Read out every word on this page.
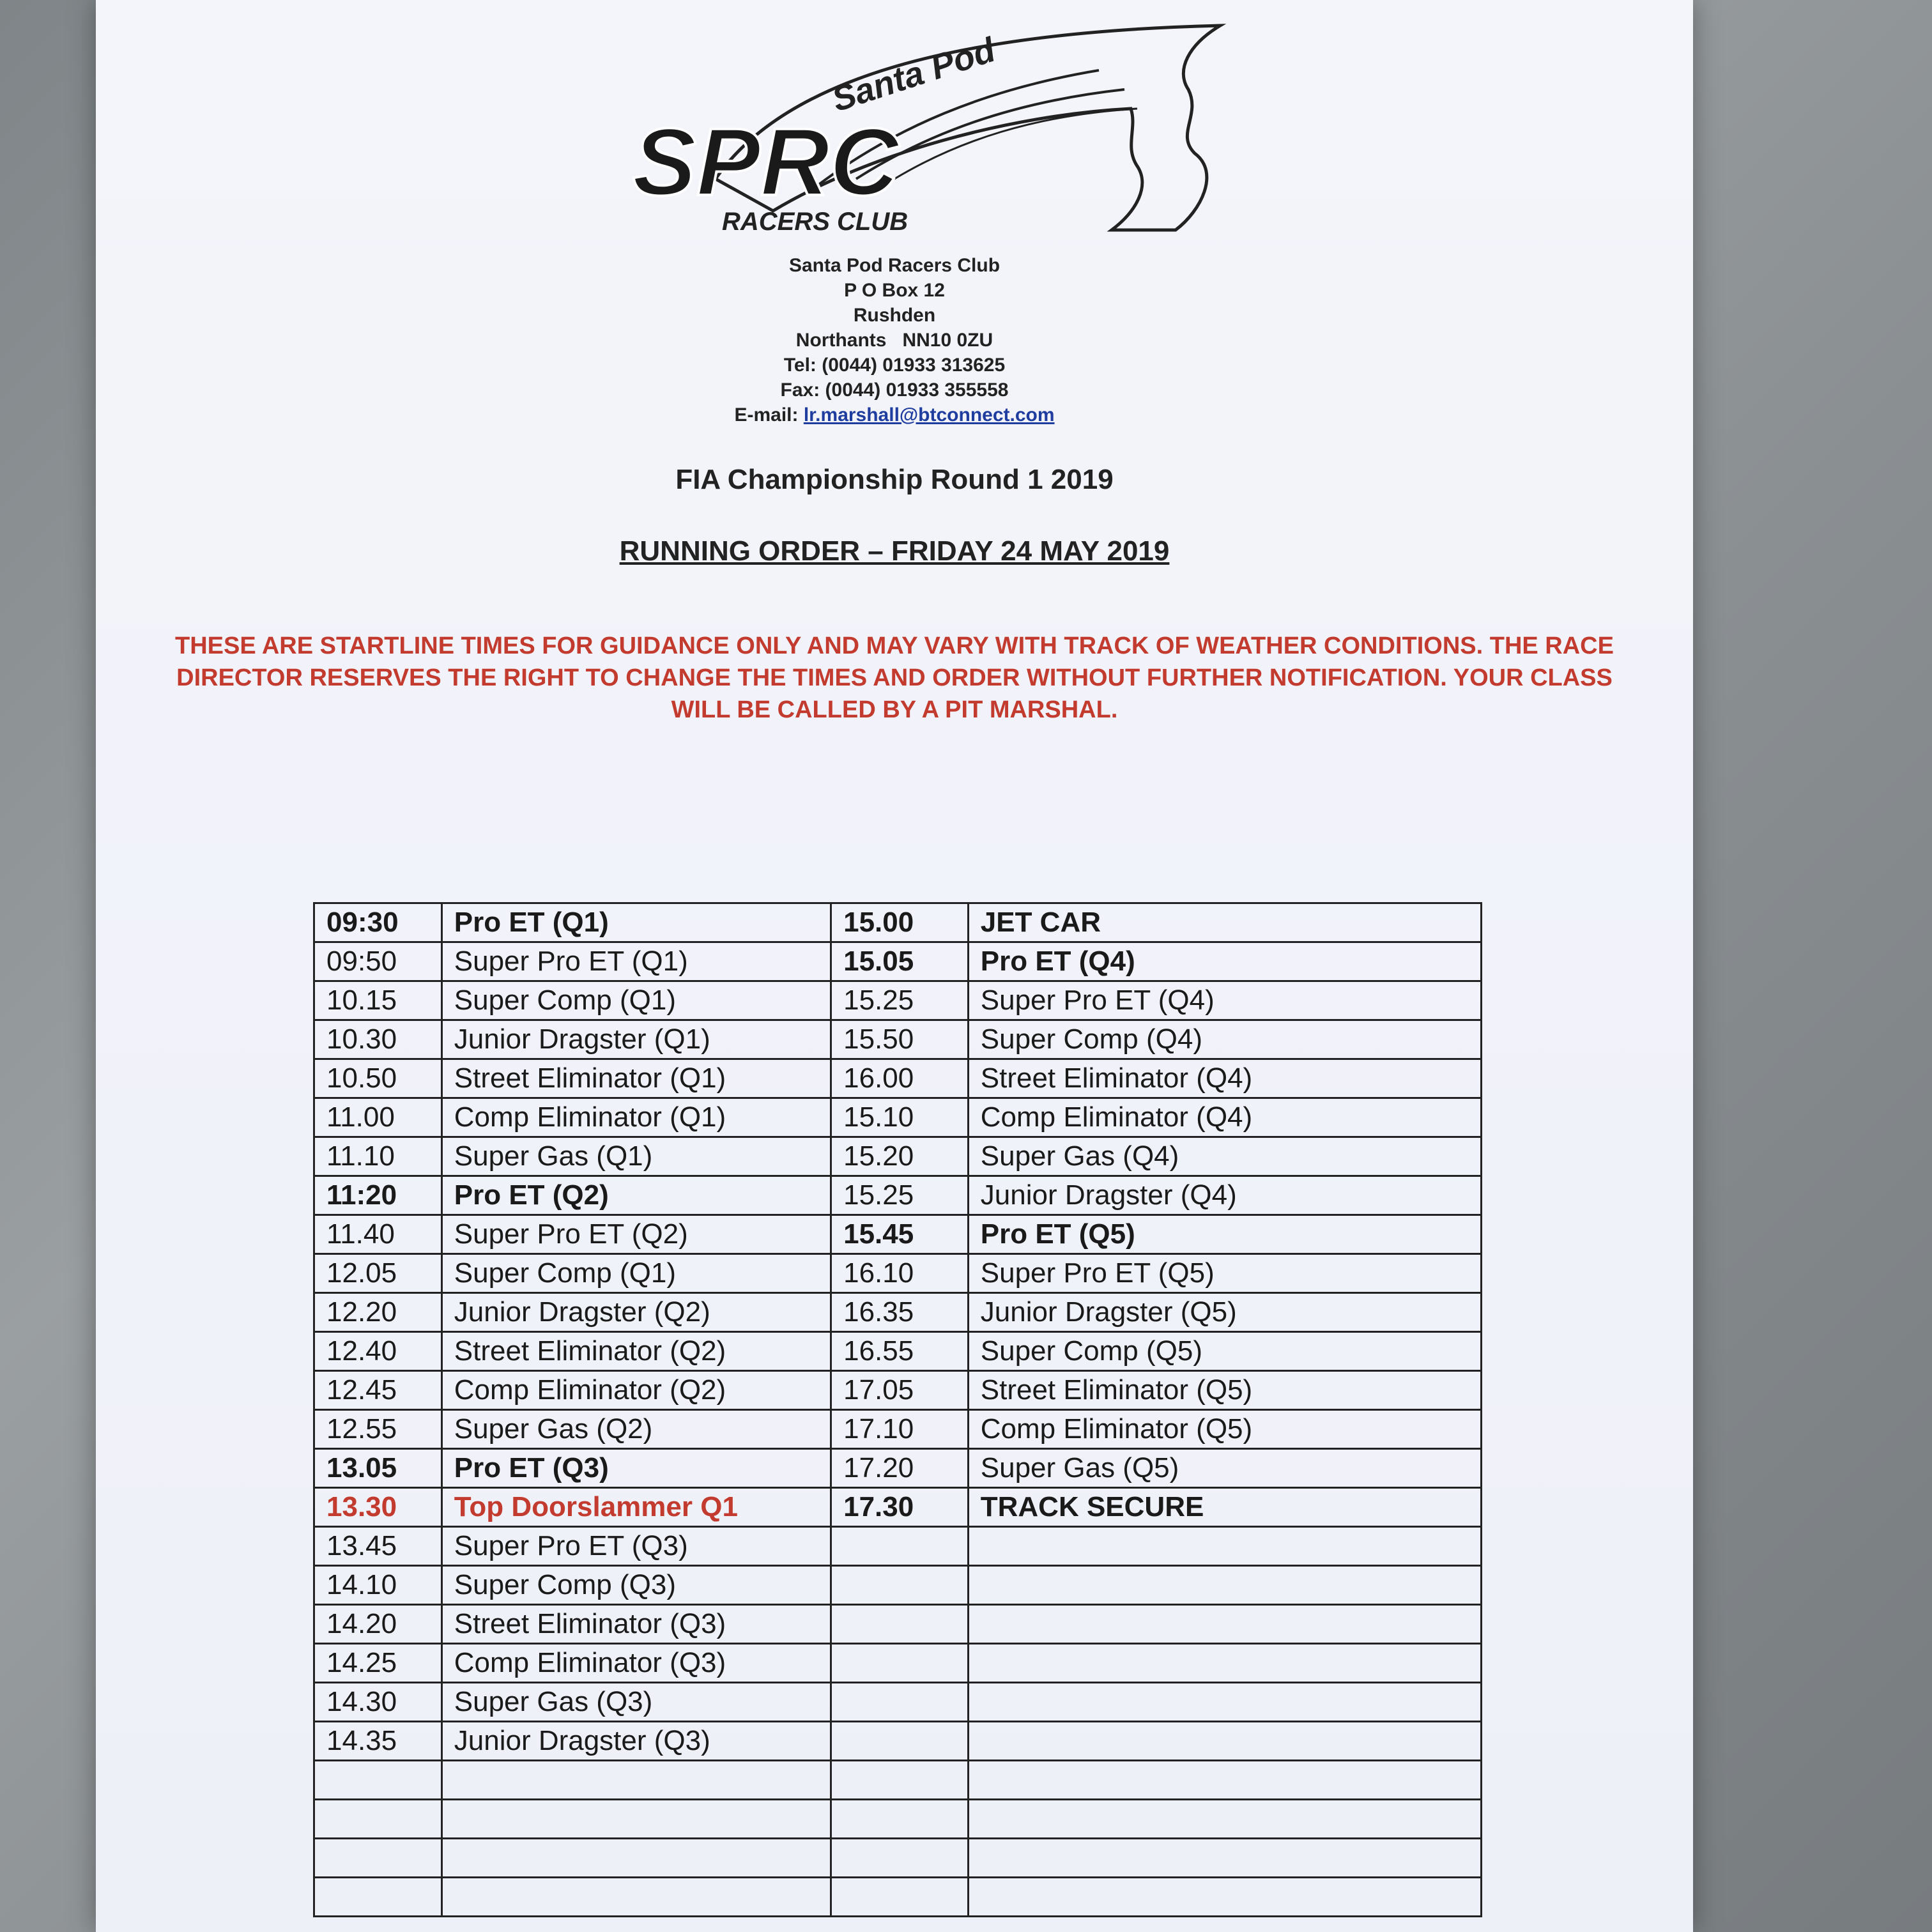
Santa Pod
SPRC
RACERS CLUB
Santa Pod Racers Club
P O Box 12
Rushden
Northants   NN10 0ZU
Tel: (0044) 01933 313625
Fax: (0044) 01933 355558
E-mail: lr.marshall@btconnect.com
FIA Championship Round 1 2019
RUNNING ORDER – FRIDAY 24 MAY 2019
THESE ARE STARTLINE TIMES FOR GUIDANCE ONLY AND MAY VARY WITH TRACK OF WEATHER CONDITIONS. THE RACE DIRECTOR RESERVES THE RIGHT TO CHANGE THE TIMES AND ORDER WITHOUT FURTHER NOTIFICATION. YOUR CLASS WILL BE CALLED BY A PIT MARSHAL.
09:30	Pro ET (Q1)	15.00	JET CAR
09:50	Super Pro ET (Q1)	15.05	Pro ET (Q4)
10.15	Super Comp (Q1)	15.25	Super Pro ET (Q4)
10.30	Junior Dragster (Q1)	15.50	Super Comp (Q4)
10.50	Street Eliminator (Q1)	16.00	Street Eliminator (Q4)
11.00	Comp Eliminator (Q1)	15.10	Comp Eliminator (Q4)
11.10	Super Gas (Q1)	15.20	Super Gas (Q4)
11:20	Pro ET (Q2)	15.25	Junior Dragster (Q4)
11.40	Super Pro ET (Q2)	15.45	Pro ET (Q5)
12.05	Super Comp (Q1)	16.10	Super Pro ET (Q5)
12.20	Junior Dragster (Q2)	16.35	Junior Dragster (Q5)
12.40	Street Eliminator (Q2)	16.55	Super Comp (Q5)
12.45	Comp Eliminator (Q2)	17.05	Street Eliminator (Q5)
12.55	Super Gas (Q2)	17.10	Comp Eliminator (Q5)
13.05	Pro ET (Q3)	17.20	Super Gas (Q5)
13.30	Top Doorslammer Q1	17.30	TRACK SECURE
13.45	Super Pro ET (Q3)		
14.10	Super Comp (Q3)		
14.20	Street Eliminator (Q3)		
14.25	Comp Eliminator (Q3)		
14.30	Super Gas (Q3)		
14.35	Junior Dragster (Q3)		
